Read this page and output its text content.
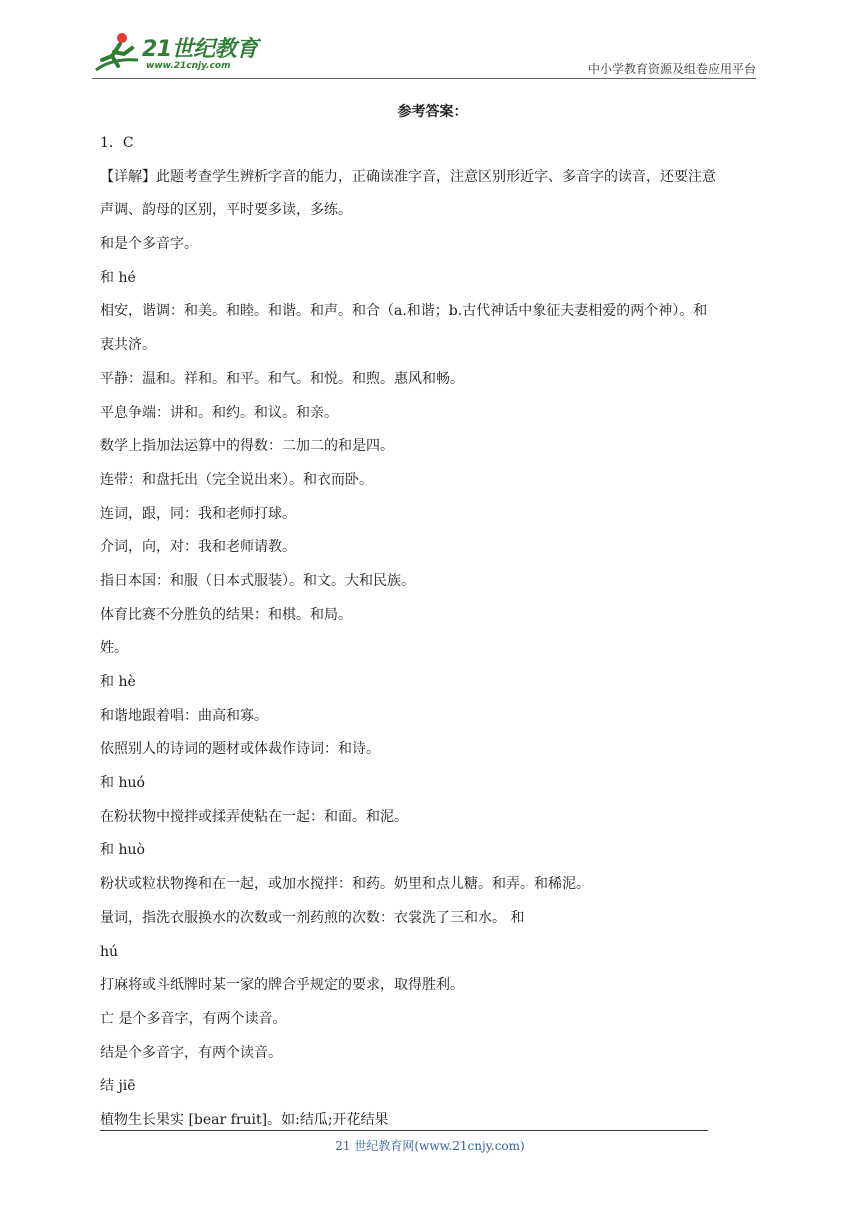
21世纪教育
www.21cnjy.com	中小学教育资源及组卷应用平台
参考答案：
1．C
【详解】此题考查学生辨析字音的能力，正确读准字音，注意区别形近字、多音字的读音，还要注意
声调、韵母的区别，平时要多读，多练。
和是个多音字。
和 hé
相安，谐调：和美。和睦。和谐。和声。和合（a.和谐；b.古代神话中象征夫妻相爱的两个神）。和
衷共济。
平静：温和。祥和。和平。和气。和悦。和煦。惠风和畅。
平息争端：讲和。和约。和议。和亲。
数学上指加法运算中的得数：二加二的和是四。
连带：和盘托出（完全说出来）。和衣而卧。
连词，跟，同：我和老师打球。
介词，向，对：我和老师请教。
指日本国：和服（日本式服装）。和文。大和民族。
体育比赛不分胜负的结果：和棋。和局。
姓。
和 hè
和谐地跟着唱：曲高和寡。
依照别人的诗词的题材或体裁作诗词：和诗。
和 huó
在粉状物中搅拌或揉弄使粘在一起：和面。和泥。
和 huò
粉状或粒状物搀和在一起，或加水搅拌：和药。奶里和点儿糖。和弄。和稀泥。
量词，指洗衣服换水的次数或一剂药煎的次数：衣裳洗了三和水。 和
hú
打麻将或斗纸牌时某一家的牌合乎规定的要求，取得胜利。
亡 是个多音字，有两个读音。
结是个多音字，有两个读音。
结 jiē
植物生长果实 [bear fruit]。如:结瓜;开花结果
21 世纪教育网(www.21cnjy.com)
